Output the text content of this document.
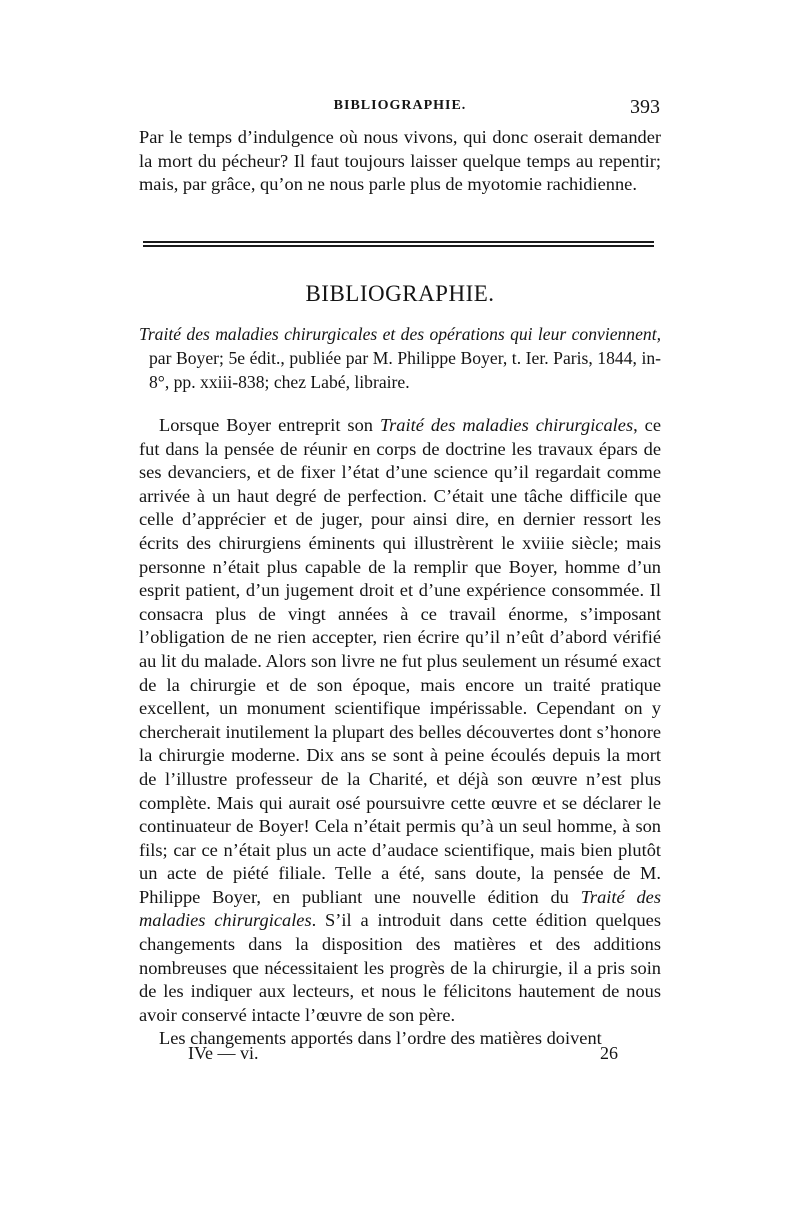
BIBLIOGRAPHIE.	393

Par le temps d’indulgence où nous vivons, qui donc oserait demander la mort du pécheur? Il faut toujours laisser quelque temps au repentir; mais, par grâce, qu’on ne nous parle plus de myotomie rachidienne.

BIBLIOGRAPHIE.

Traité des maladies chirurgicales et des opérations qui leur conviennent, par Boyer; 5e édit., publiée par M. Philippe Boyer, t. Ier. Paris, 1844, in-8°, pp. xxiii-838; chez Labé, libraire.

Lorsque Boyer entreprit son Traité des maladies chirurgicales, ce fut dans la pensée de réunir en corps de doctrine les travaux épars de ses devanciers, et de fixer l’état d’une science qu’il regardait comme arrivée à un haut degré de perfection. C’était une tâche difficile que celle d’apprécier et de juger, pour ainsi dire, en dernier ressort les écrits des chirurgiens éminents qui illustrèrent le xviiie siècle; mais personne n’était plus capable de la remplir que Boyer, homme d’un esprit patient, d’un jugement droit et d’une expérience consommée. Il consacra plus de vingt années à ce travail énorme, s’imposant l’obligation de ne rien accepter, rien écrire qu’il n’eût d’abord vérifié au lit du malade. Alors son livre ne fut plus seulement un résumé exact de la chirurgie et de son époque, mais encore un traité pratique excellent, un monument scientifique impérissable. Cependant on y chercherait inutilement la plupart des belles découvertes dont s’honore la chirurgie moderne. Dix ans se sont à peine écoulés depuis la mort de l’illustre professeur de la Charité, et déjà son œuvre n’est plus complète. Mais qui aurait osé poursuivre cette œuvre et se déclarer le continuateur de Boyer! Cela n’était permis qu’à un seul homme, à son fils; car ce n’était plus un acte d’audace scientifique, mais bien plutôt un acte de piété filiale. Telle a été, sans doute, la pensée de M. Philippe Boyer, en publiant une nouvelle édition du Traité des maladies chirurgicales. S’il a introduit dans cette édition quelques changements dans la disposition des matières et des additions nombreuses que nécessitaient les progrès de la chirurgie, il a pris soin de les indiquer aux lecteurs, et nous le félicitons hautement de nous avoir conservé intacte l’œuvre de son père.

Les changements apportés dans l’ordre des matières doivent

IVe — vi.	26
